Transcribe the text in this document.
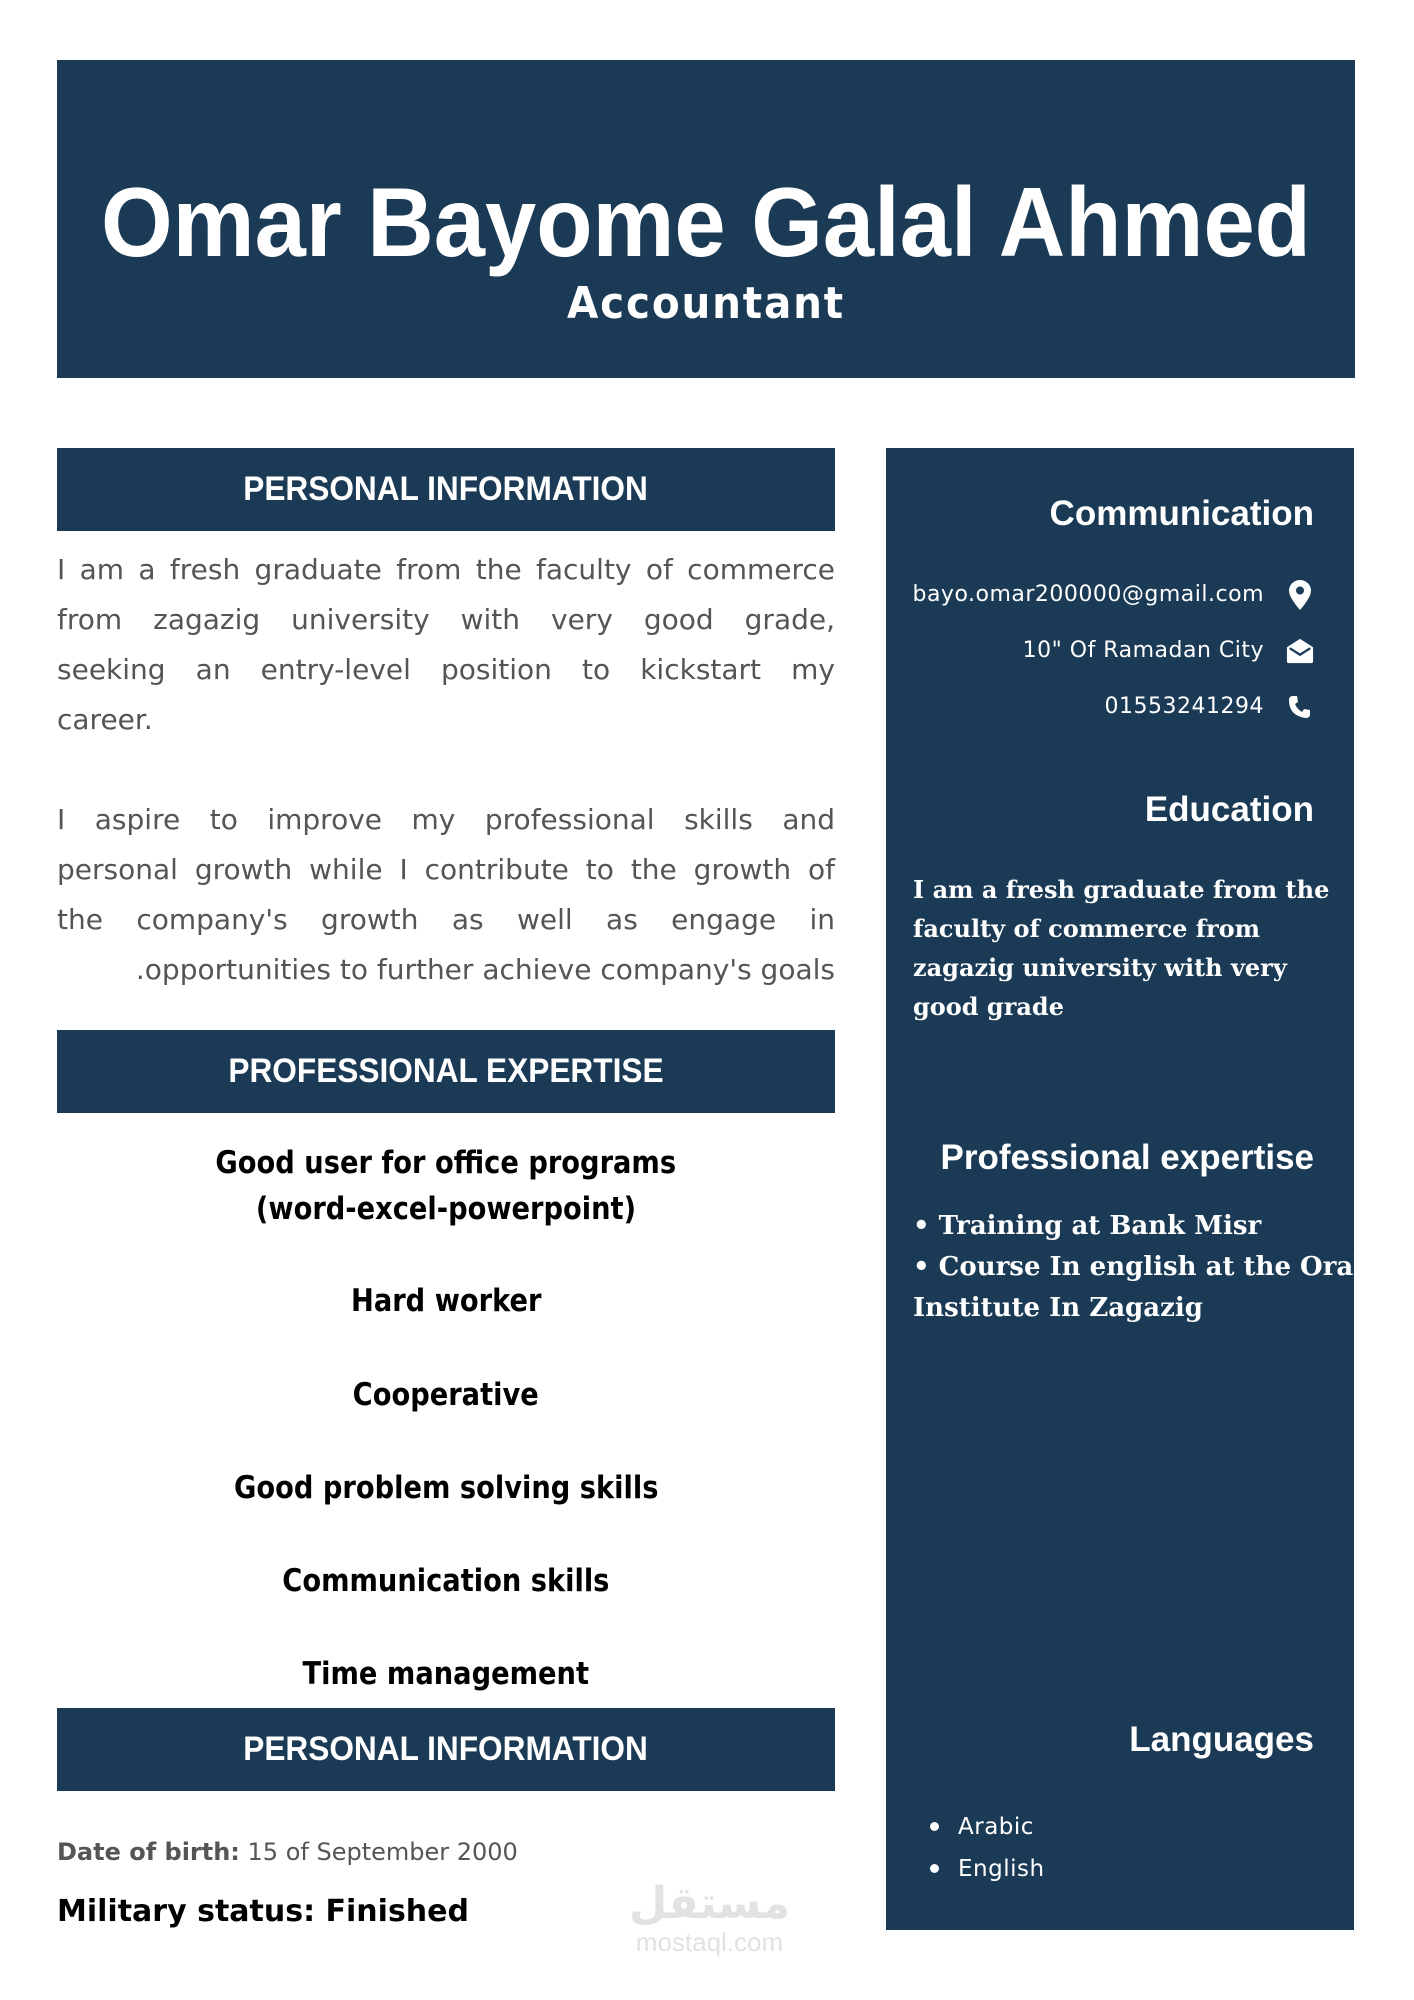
Omar Bayome Galal Ahmed
Accountant
PERSONAL INFORMATION
I am a fresh graduate from the faculty of commerce
from zagazig university with very good grade,
seeking an entry-level position to kickstart my
career.
I aspire to improve my professional skills and
personal growth while I contribute to the growth of
the company's growth as well as engage in
.opportunities to further achieve company's goals
PROFESSIONAL EXPERTISE
Good user for office programs
(word-excel-powerpoint)
Hard worker
Cooperative
Good problem solving skills
Communication skills
Time management
PERSONAL INFORMATION
Date of birth: 15 of September 2000
Military status: Finished	مستقل
mostaql.com
Communication
bayo.omar200000@gmail.com
10" Of Ramadan City
01553241294
Education
I am a fresh graduate from the
faculty of commerce from
zagazig university with very
good grade
Professional expertise
• Training at Bank Misr
• Course In english at the Orabi
Institute In Zagazig
Languages
Arabic
English
